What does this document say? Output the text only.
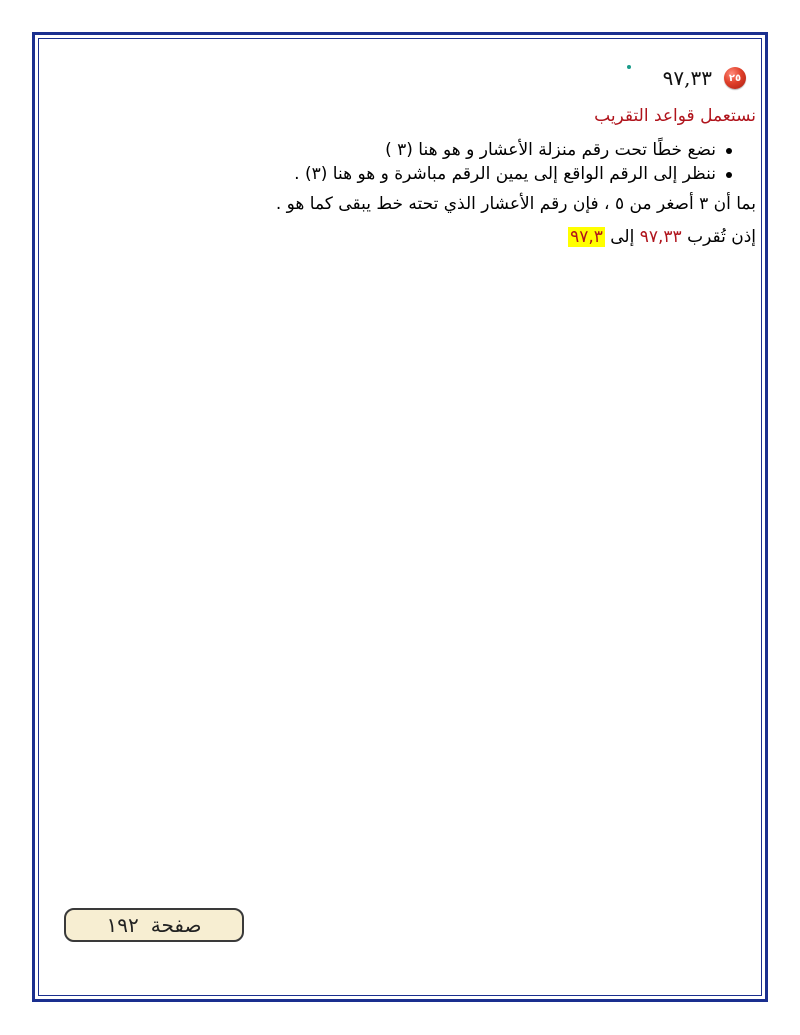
٢٥
٩٧,٣٣
نستعمل قواعد التقريب
نضع خطًا تحت رقم منزلة الأعشار و هو هنا (٣ )
ننظر إلى الرقم الواقع إلى يمين الرقم مباشرة و هو هنا (٣) .
بما أن ٣ أصغر من ٥ ، فإن رقم الأعشار الذي تحته خط يبقى كما هو .
إذن تُقرب ٩٧,٣٣ إلى ٩٧,٣
صفحة
١٩٢
